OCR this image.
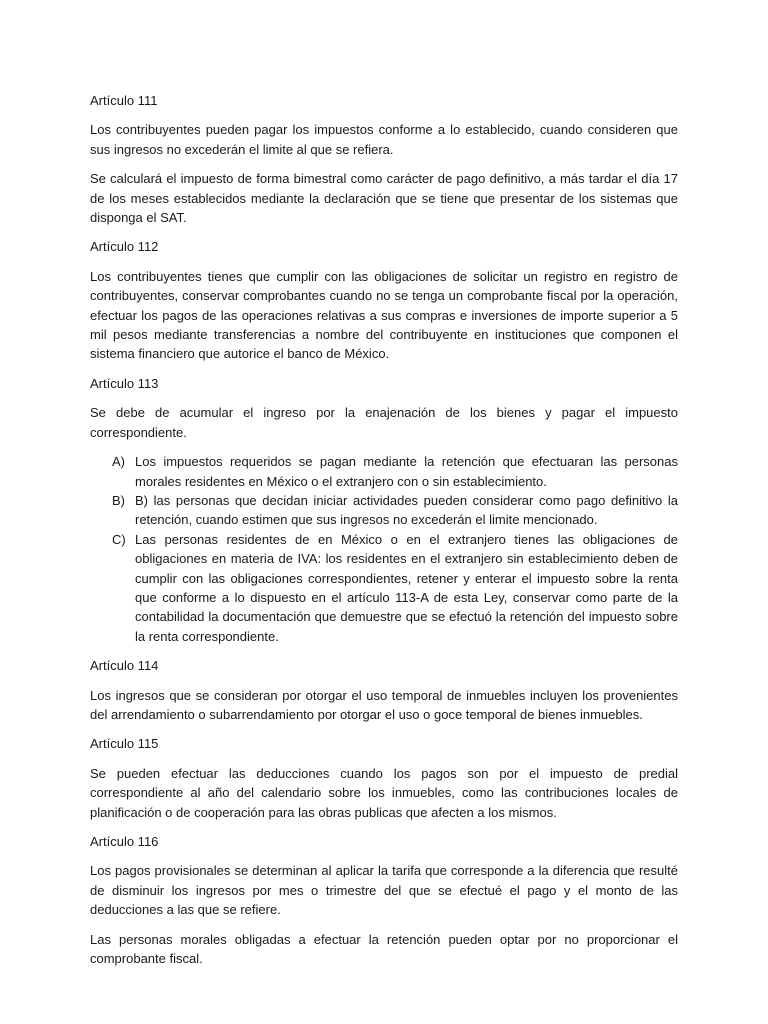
Artículo 111
Los contribuyentes pueden pagar los impuestos conforme a lo establecido, cuando consideren que sus ingresos no excederán el limite al que se refiera.
Se calculará el impuesto de forma bimestral como carácter de pago definitivo, a más tardar el día 17 de los meses establecidos mediante la declaración que se tiene que presentar de los sistemas que disponga el SAT.
Artículo 112
Los contribuyentes tienes que cumplir con las obligaciones de solicitar un registro en registro de contribuyentes, conservar comprobantes cuando no se tenga un comprobante fiscal por la operación, efectuar los pagos de las operaciones relativas a sus compras e inversiones de importe superior a 5 mil pesos mediante transferencias a nombre del contribuyente en instituciones que componen el sistema financiero que autorice el banco de México.
Artículo 113
Se debe de acumular el ingreso por la enajenación de los bienes y pagar el impuesto correspondiente.
A) Los impuestos requeridos se pagan mediante la retención que efectuaran las personas morales residentes en México o el extranjero con o sin establecimiento.
B) B) las personas que decidan iniciar actividades pueden considerar como pago definitivo la retención, cuando estimen que sus ingresos no excederán el limite mencionado.
C) Las personas residentes de en México o en el extranjero tienes las obligaciones de obligaciones en materia de IVA: los residentes en el extranjero sin establecimiento deben de cumplir con las obligaciones correspondientes, retener y enterar el impuesto sobre la renta que conforme a lo dispuesto en el artículo 113-A de esta Ley, conservar como parte de la contabilidad la documentación que demuestre que se efectuó la retención del impuesto sobre la renta correspondiente.
Artículo 114
Los ingresos que se consideran por otorgar el uso temporal de inmuebles incluyen los provenientes del arrendamiento o subarrendamiento por otorgar el uso o goce temporal de bienes inmuebles.
Artículo 115
Se pueden efectuar las deducciones cuando los pagos son por el impuesto de predial correspondiente al año del calendario sobre los inmuebles, como las contribuciones locales de planificación o de cooperación para las obras publicas que afecten a los mismos.
Artículo 116
Los pagos provisionales se determinan al aplicar la tarifa que corresponde a la diferencia que resulté de disminuir los ingresos por mes o trimestre del que se efectué el pago y el monto de las deducciones a las que se refiere.
Las personas morales obligadas a efectuar la retención pueden optar por no proporcionar el comprobante fiscal.
